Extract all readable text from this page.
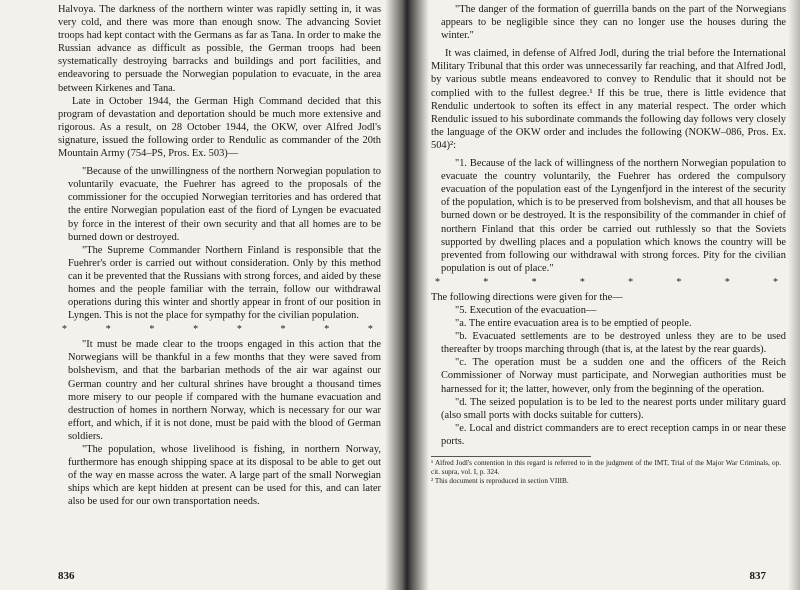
Halvoya. The darkness of the northern winter was rapidly setting in, it was very cold, and there was more than enough snow. The advancing Soviet troops had kept contact with the Germans as far as Tana. In order to make the Russian advance as difficult as possible, the German troops had been systematically destroying barracks and buildings and port facilities, and endeavoring to persuade the Norwegian population to evacuate, in the area between Kirkenes and Tana.

Late in October 1944, the German High Command decided that this program of devastation and deportation should be much more extensive and rigorous. As a result, on 28 October 1944, the OKW, over Alfred Jodl's signature, issued the following order to Rendulic as commander of the 20th Mountain Army (754–PS, Pros. Ex. 503)—

"Because of the unwillingness of the northern Norwegian population to voluntarily evacuate, the Fuehrer has agreed to the proposals of the commissioner for the occupied Norwegian territories and has ordered that the entire Norwegian population east of the fiord of Lyngen be evacuated by force in the interest of their own security and that all homes are to be burned down or destroyed.

"The Supreme Commander Northern Finland is responsible that the Fuehrer's order is carried out without consideration. Only by this method can it be prevented that the Russians with strong forces, and aided by these homes and the people familiar with the terrain, follow our withdrawal operations during this winter and shortly appear in front of our position in Lyngen. This is not the place for sympathy for the civilian population.

*	*	*	*	*	*	*	*

"It must be made clear to the troops engaged in this action that the Norwegians will be thankful in a few months that they were saved from bolshevism, and that the barbarian methods of the air war against our German country and her cultural shrines have brought a thousand times more misery to our people if compared with the humane evacuation and destruction of homes in northern Norway, which is necessary for our war effort, and which, if it is not done, must be paid with the blood of German soldiers.

"The population, whose livelihood is fishing, in northern Norway, furthermore has enough shipping space at its disposal to be able to get out of the way en masse across the water. A large part of the small Norwegian ships which are kept hidden at present can be used for this, and can later also be used for our own transportation needs.

836

"The danger of the formation of guerrilla bands on the part of the Norwegians appears to be negligible since they can no longer use the houses during the winter."

It was claimed, in defense of Alfred Jodl, during the trial before the International Military Tribunal that this order was unnecessarily far reaching, and that Alfred Jodl, by various subtle means endeavored to convey to Rendulic that it should not be complied with to the fullest degree.¹ If this be true, there is little evidence that Rendulic undertook to soften its effect in any material respect. The order which Rendulic issued to his subordinate commands the following day follows very closely the language of the OKW order and includes the following (NOKW–086, Pros. Ex. 504)²:

"1. Because of the lack of willingness of the northern Norwegian population to evacuate the country voluntarily, the Fuehrer has ordered the compulsory evacuation of the population east of the Lyngenfjord in the interest of the security of the population, which is to be preserved from bolshevism, and that all houses be burned down or be destroyed. It is the responsibility of the commander in chief of northern Finland that this order be carried out ruthlessly so that the Soviets supported by dwelling places and a population which knows the country will be prevented from following our withdrawal with strong forces. Pity for the civilian population is out of place."

*	*	*	*	*	*	*	*

The following directions were given for the—

"5. Execution of the evacuation—

"a. The entire evacuation area is to be emptied of people.

"b. Evacuated settlements are to be destroyed unless they are to be used thereafter by troops marching through (that is, at the latest by the rear guards).

"c. The operation must be a sudden one and the officers of the Reich Commissioner of Norway must participate, and Norwegian authorities must be harnessed for it; the latter, however, only from the beginning of the operation.

"d. The seized population is to be led to the nearest ports under military guard (also small ports with docks suitable for cutters).

"e. Local and district commanders are to erect reception camps in or near these ports.

¹ Alfred Jodl's contention in this regard is referred to in the judgment of the IMT, Trial of the Major War Criminals, op. cit. supra, vol. I, p. 324.

² This document is reproduced in section VIIIB.

837
